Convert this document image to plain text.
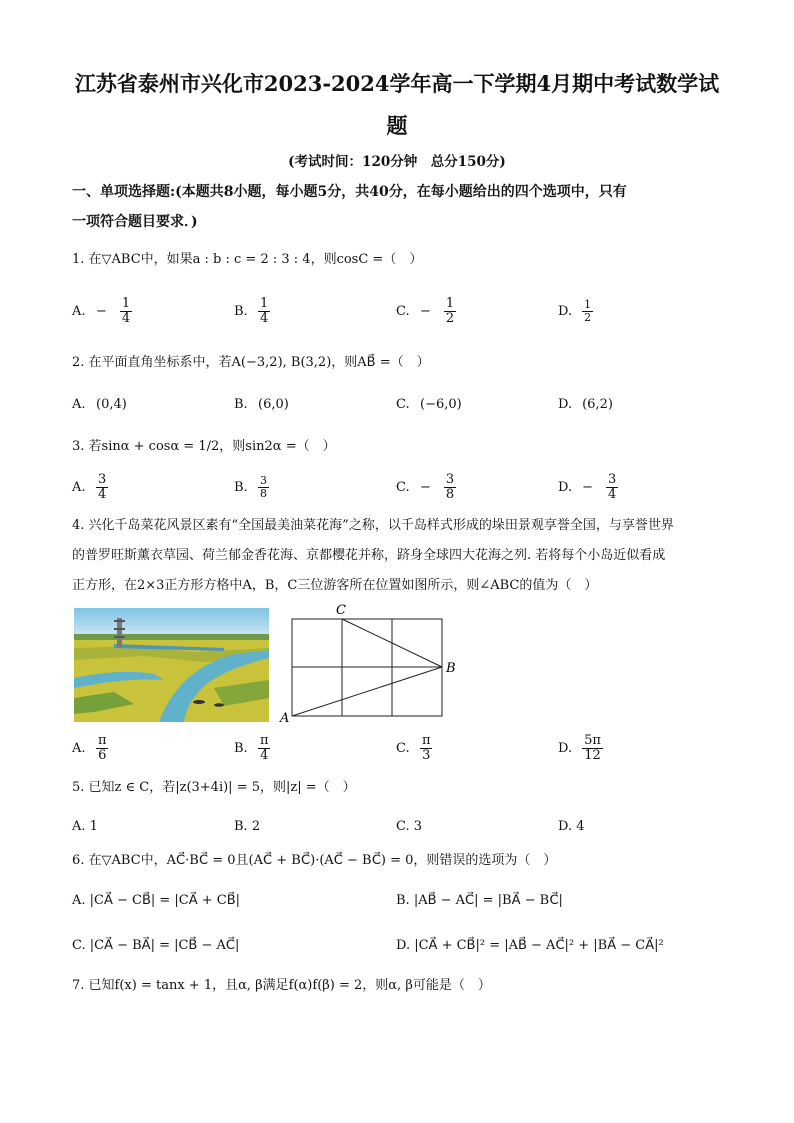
江苏省泰州市兴化市2023-2024学年高一下学期4月期中考试数学试
题
(考试时间：120分钟　总分150分)
一、单项选择题:(本题共8小题，每小题5分，共40分，在每小题给出的四个选项中，只有
一项符合题目要求．)
1. 在▽ABC中，如果a : b : c = 2 : 3 : 4，则cosC =（　）
A. − $\frac{1}{4}$	B. $\frac{1}{4}$	C. − $\frac{1}{2}$	D. $\frac{1}{2}$
2. 在平面直角坐标系中，若A(−3,2), B(3,2)，则AB⃗ =（　）
A. (0,4)	B. (6,0)	C. (−6,0)	D. (6,2)
3. 若sinα + cosα = 1/2，则sin2α =（　）
A. $\frac{3}{4}$	B. $\frac{3}{8}$	C. − $\frac{3}{8}$	D. − $\frac{3}{4}$
4. 兴化千岛菜花风景区素有“全国最美油菜花海”之称，以千岛样式形成的垛田景观享誉全国，与享誉世界
的普罗旺斯薰衣草园、荷兰郁金香花海、京都樱花并称，跻身全球四大花海之列. 若将每个小岛近似看成
正方形，在2×3正方形方格中A，B，C三位游客所在位置如图所示，则∠ABC的值为（　）
C
B
A
A. $\frac{\pi}{6}$	B. $\frac{\pi}{4}$	C. $\frac{\pi}{3}$	D. $\frac{5\pi}{12}$
5. 已知z ∈ C，若|z(3+4i)| = 5，则|z| =（　）
A. 1	B. 2	C. 3	D. 4
6. 在▽ABC中，AC⃗·BC⃗ = 0且(AC⃗ + BC⃗)·(AC⃗ − BC⃗) = 0，则错误的选项为（　）
A. |CA⃗ − CB⃗| = |CA⃗ + CB⃗|	B. |AB⃗ − AC⃗| = |BA⃗ − BC⃗|
C. |CA⃗ − BA⃗| = |CB⃗ − AC⃗|	D. |CA⃗ + CB⃗|² = |AB⃗ − AC⃗|² + |BA⃗ − CA⃗|²
7. 已知f(x) = tanx + 1，且α, β满足f(α)f(β) = 2，则α, β可能是（　）
